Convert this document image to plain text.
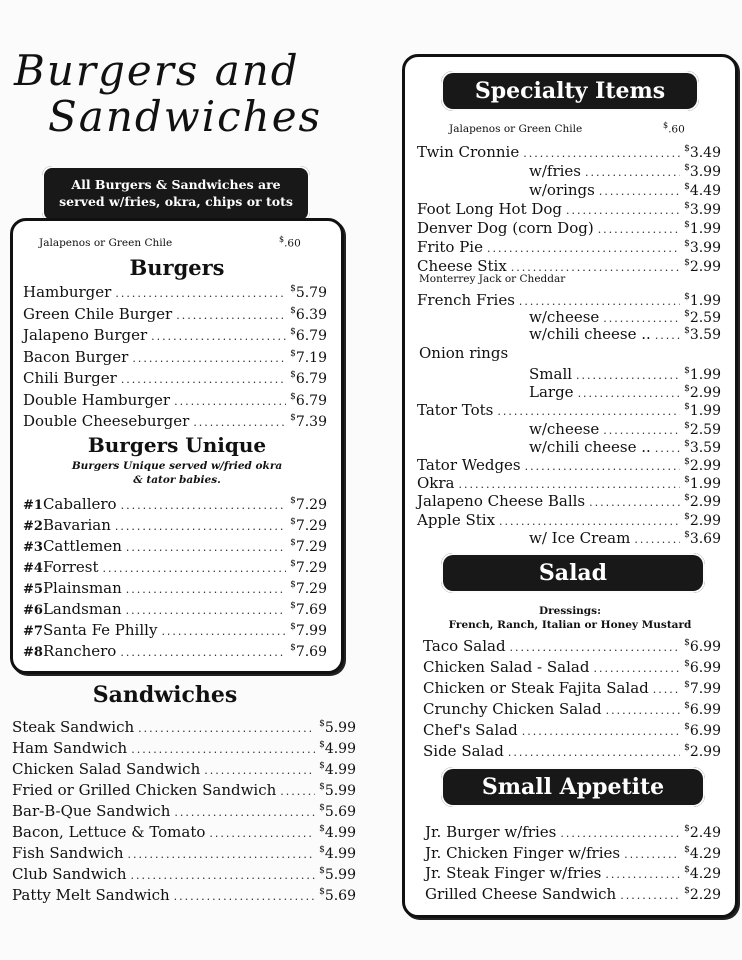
Burgers and
Sandwiches
All Burgers & Sandwiches are
served w/fries, okra, chips or tots
Jalapenos or Green Chile	$.60
Burgers
Burgers Unique
Burgers Unique served w/fried okra
& tator babies.
Hamburger .....	$5.79
Green Chile Burger .....	$6.39
Jalapeno Burger .....	$6.79
Bacon Burger .....	$7.19
Chili Burger .....	$6.79
Double Hamburger .....	$6.79
Double Cheeseburger .....	$7.39
#1 Caballero .....	$7.29
#2 Bavarian .....	$7.29
#3 Cattlemen .....	$7.29
#4 Forrest .....	$7.29
#5 Plainsman .....	$7.29
#6 Landsman .....	$7.69
#7 Santa Fe Philly .....	$7.99
#8 Ranchero .....	$7.69
Sandwiches
Steak Sandwich .....	$5.99
Ham Sandwich .....	$4.99
Chicken Salad Sandwich .....	$4.99
Fried or Grilled Chicken Sandwich .....	$5.99
Bar-B-Que Sandwich .....	$5.69
Bacon, Lettuce & Tomato .....	$4.99
Fish Sandwich .....	$4.99
Club Sandwich .....	$5.99
Patty Melt Sandwich .....	$5.69
Specialty Items
Jalapenos or Green Chile	$.60
Monterrey Jack or Cheddar
Onion rings
Salad
Dressings:
French, Ranch, Italian or Honey Mustard
Small Appetite
Twin Cronnie .....	$3.49
w/fries .....	$3.99
w/orings .....	$4.49
Foot Long Hot Dog .....	$3.99
Denver Dog (corn Dog) .....	$1.99
Frito Pie .....	$3.99
Cheese Stix .....	$2.99
French Fries .....	$1.99
w/cheese .....	$2.59
w/chili cheese .. .....	$3.59
Small .....	$1.99
Large .....	$2.99
Tator Tots .....	$1.99
w/cheese .....	$2.59
w/chili cheese .. .....	$3.59
Tator Wedges .....	$2.99
Okra .....	$1.99
Jalapeno Cheese Balls .....	$2.99
Apple Stix .....	$2.99
w/ Ice Cream .....	$3.69
Taco Salad .....	$6.99
Chicken Salad - Salad .....	$6.99
Chicken or Steak Fajita Salad .....	$7.99
Crunchy Chicken Salad .....	$6.99
Chef's Salad .....	$6.99
Side Salad .....	$2.99
Jr. Burger w/fries .....	$2.49
Jr. Chicken Finger w/fries .....	$4.29
Jr. Steak Finger w/fries .....	$4.29
Grilled Cheese Sandwich .....	$2.29
